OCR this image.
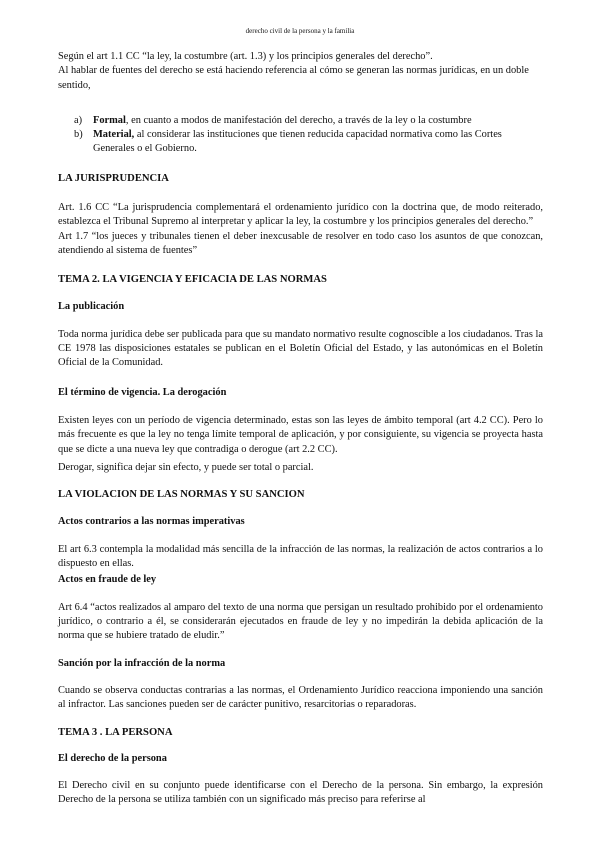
derecho civil de la persona y la familia

Según el art 1.1 CC “la ley, la costumbre (art. 1.3) y los principios generales del derecho”.

Al hablar de fuentes del derecho se está haciendo referencia al cómo se generan las normas jurídicas, en un doble sentido,

a) Formal, en cuanto a modos de manifestación del derecho, a través de la ley o la costumbre
b) Material, al considerar las instituciones que tienen reducida capacidad normativa como las Cortes Generales o el Gobierno.

LA JURISPRUDENCIA

Art. 1.6 CC “La jurisprudencia complementará el ordenamiento jurídico con la doctrina que, de modo reiterado, establezca el Tribunal Supremo al interpretar y aplicar la ley, la costumbre y los principios generales del derecho.”

Art 1.7 “los jueces y tribunales tienen el deber inexcusable de resolver en todo caso los asuntos de que conozcan, atendiendo al sistema de fuentes”

TEMA 2. LA VIGENCIA Y EFICACIA DE LAS NORMAS

La publicación

Toda norma jurídica debe ser publicada para que su mandato normativo resulte cognoscible a los ciudadanos. Tras la CE 1978 las disposiciones estatales se publican en el Boletín Oficial del Estado, y las autonómicas en el Boletín Oficial de la Comunidad.

El término de vigencia. La derogación

Existen leyes con un período de vigencia determinado, estas son las leyes de ámbito temporal (art 4.2 CC). Pero lo más frecuente es que la ley no tenga límite temporal de aplicación, y por consiguiente, su vigencia se proyecta hasta que se dicte a una nueva ley que contradiga o derogue (art 2.2 CC).

Derogar, significa dejar sin efecto, y puede ser total o parcial.

LA VIOLACION DE LAS NORMAS Y SU SANCION

Actos contrarios a las normas imperativas

El art 6.3 contempla la modalidad más sencilla de la infracción de las normas, la realización de actos contrarios a lo dispuesto en ellas.

Actos en fraude de ley

Art 6.4 “actos realizados al amparo del texto de una norma que persigan un resultado prohibido por el ordenamiento jurídico, o contrario a él, se considerarán ejecutados en fraude de ley y no impedirán la debida aplicación de la norma que se hubiere tratado de eludir.”

Sanción por la infracción de la norma

Cuando se observa conductas contrarias a las normas, el Ordenamiento Jurídico reacciona imponiendo una sanción al infractor. Las sanciones pueden ser de carácter punitivo, resarcitorias o reparadoras.

TEMA 3 . LA PERSONA

El derecho de la persona

El Derecho civil en su conjunto puede identificarse con el Derecho de la persona. Sin embargo, la expresión Derecho de la persona se utiliza también con un significado más preciso para referirse al
